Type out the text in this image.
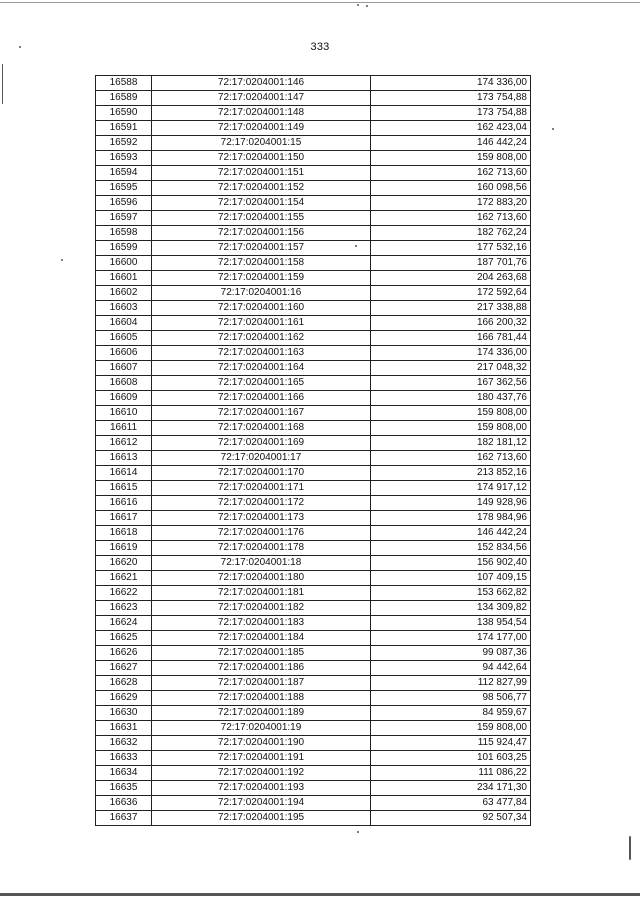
333
16588	72:17:0204001:146	174 336,00
16589	72:17:0204001:147	173 754,88
16590	72:17:0204001:148	173 754,88
16591	72:17:0204001:149	162 423,04
16592	72:17:0204001:15	146 442,24
16593	72:17:0204001:150	159 808,00
16594	72:17:0204001:151	162 713,60
16595	72:17:0204001:152	160 098,56
16596	72:17:0204001:154	172 883,20
16597	72:17:0204001:155	162 713,60
16598	72:17:0204001:156	182 762,24
16599	72:17:0204001:157	177 532,16
16600	72:17:0204001:158	187 701,76
16601	72:17:0204001:159	204 263,68
16602	72:17:0204001:16	172 592,64
16603	72:17:0204001:160	217 338,88
16604	72:17:0204001:161	166 200,32
16605	72:17:0204001:162	166 781,44
16606	72:17:0204001:163	174 336,00
16607	72:17:0204001:164	217 048,32
16608	72:17:0204001:165	167 362,56
16609	72:17:0204001:166	180 437,76
16610	72:17:0204001:167	159 808,00
16611	72:17:0204001:168	159 808,00
16612	72:17:0204001:169	182 181,12
16613	72:17:0204001:17	162 713,60
16614	72:17:0204001:170	213 852,16
16615	72:17:0204001:171	174 917,12
16616	72:17:0204001:172	149 928,96
16617	72:17:0204001:173	178 984,96
16618	72:17:0204001:176	146 442,24
16619	72:17:0204001:178	152 834,56
16620	72:17:0204001:18	156 902,40
16621	72:17:0204001:180	107 409,15
16622	72:17:0204001:181	153 662,82
16623	72:17:0204001:182	134 309,82
16624	72:17:0204001:183	138 954,54
16625	72:17:0204001:184	174 177,00
16626	72:17:0204001:185	99 087,36
16627	72:17:0204001:186	94 442,64
16628	72:17:0204001:187	112 827,99
16629	72:17:0204001:188	98 506,77
16630	72:17:0204001:189	84 959,67
16631	72:17:0204001:19	159 808,00
16632	72:17:0204001:190	115 924,47
16633	72:17:0204001:191	101 603,25
16634	72:17:0204001:192	111 086,22
16635	72:17:0204001:193	234 171,30
16636	72:17:0204001:194	63 477,84
16637	72:17:0204001:195	92 507,34
